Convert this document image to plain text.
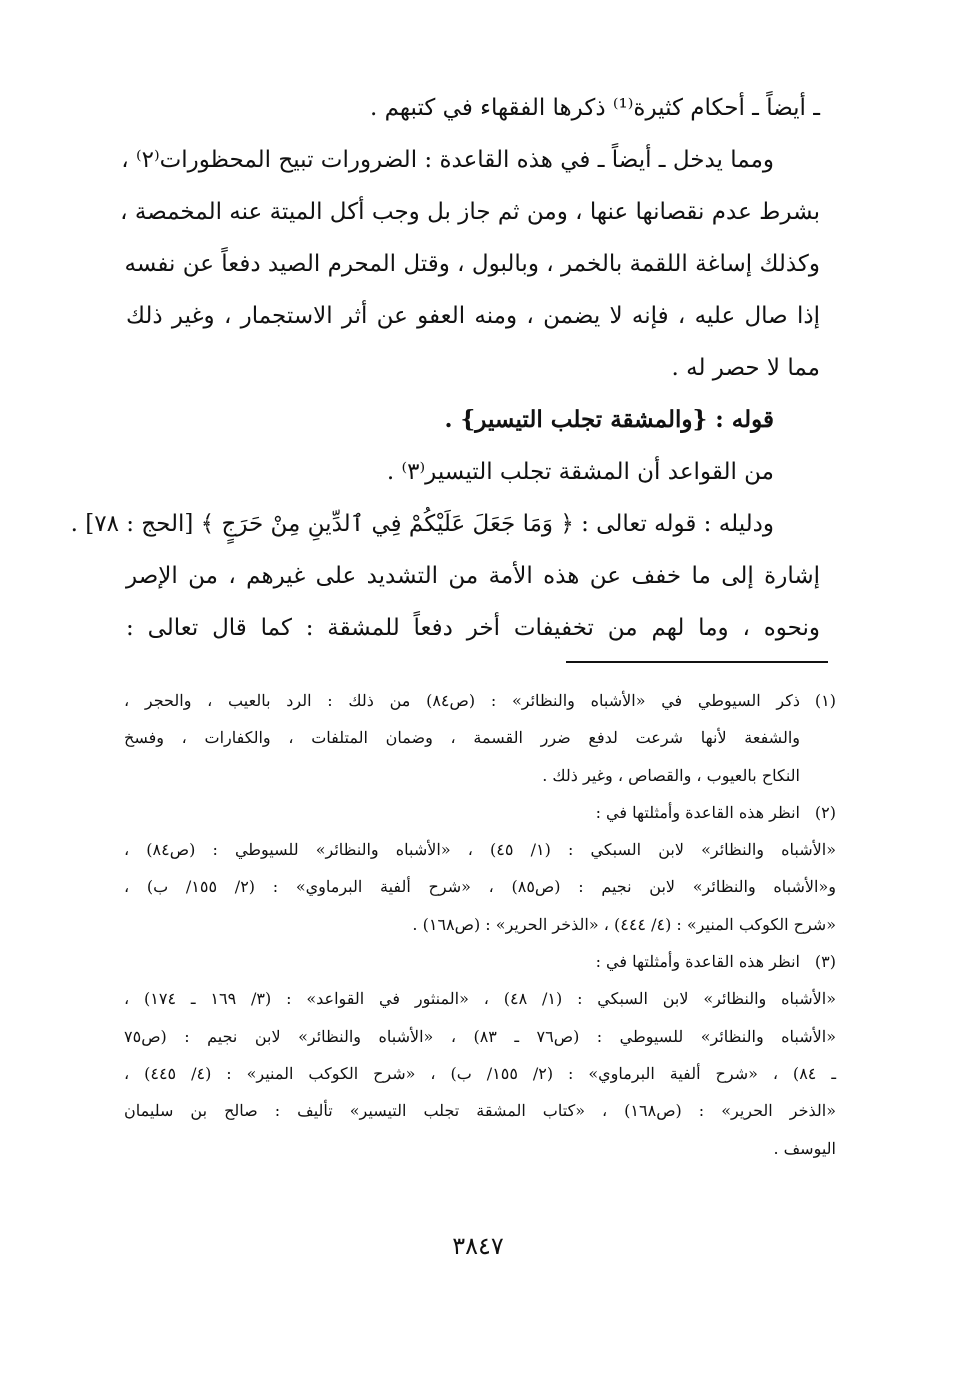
ـ أيضاً ـ أحكام كثيرة⁽¹⁾ ذكرها الفقهاء في كتبهم .
ومما يدخل ـ أيضاً ـ في هذه القاعدة : الضرورات تبيح المحظورات⁽٢⁾ ،
بشرط عدم نقصانها عنها ، ومن ثم جاز بل وجب أكل الميتة عنه المخمصة ،
وكذلك إساغة اللقمة بالخمر ، وبالبول ، وقتل المحرم الصيد دفعاً عن نفسه
إذا صال عليه ، فإنه لا يضمن ، ومنه العفو عن أثر الاستجمار ، وغير ذلك
مما لا حصر له .
قوله : {والمشقة تجلب التيسير} .
من القواعد أن المشقة تجلب التيسير⁽٣⁾ .
ودليله : قوله تعالى : ﴿ وَمَا جَعَلَ عَلَيْكُمْ فِي ٱلدِّينِ مِنْ حَرَجٍ ﴾ [الحج : ٧٨] .
إشارة إلى ما خفف عن هذه الأمة من التشديد على غيرهم ، من الإصر
ونحوه ، وما لهم من تخفيفات أخر دفعاً للمشقة : كما قال تعالى :
(١)
ذكر السيوطي في «الأشباه والنظائر» : (ص٨٤) من ذلك : الرد بالعيب ، والحجر ،
والشفعة لأنها شرعت لدفع ضرر القسمة ، وضمان المتلفات ، والكفارات ، وفسخ
النكاح بالعيوب ، والقصاص ، وغير ذلك .
(٢)
انظر هذه القاعدة وأمثلتها في :
«الأشباه والنظائر» لابن السبكي : (١/ ٤٥) ، «الأشباه والنظائر» للسيوطي : (ص٨٤) ،
و«الأشباه والنظائر» لابن نجيم : (ص٨٥) ، «شرح ألفية البرماوي» : (٢/ ١٥٥/ ب) ،
«شرح الكوكب المنير» : (٤/ ٤٤٤) ، «الذخر الحرير» : (ص١٦٨) .
(٣)
انظر هذه القاعدة وأمثلتها في :
«الأشباه والنظائر» لابن السبكي : (١/ ٤٨) ، «المنثور في القواعد» : (٣/ ١٦٩ ـ ١٧٤) ،
«الأشباه والنظائر» للسيوطي : (ص٧٦ ـ ٨٣) ، «الأشباه والنظائر» لابن نجيم : (ص٧٥
ـ ٨٤) ، «شرح ألفية البرماوي» : (٢/ ١٥٥/ ب) ، «شرح الكوكب المنير» : (٤/ ٤٤٥) ،
«الذخر الحرير» : (ص١٦٨) ، «كتاب المشقة تجلب التيسير» تأليف : صالح بن سليمان
اليوسف .
٣٨٤٧
